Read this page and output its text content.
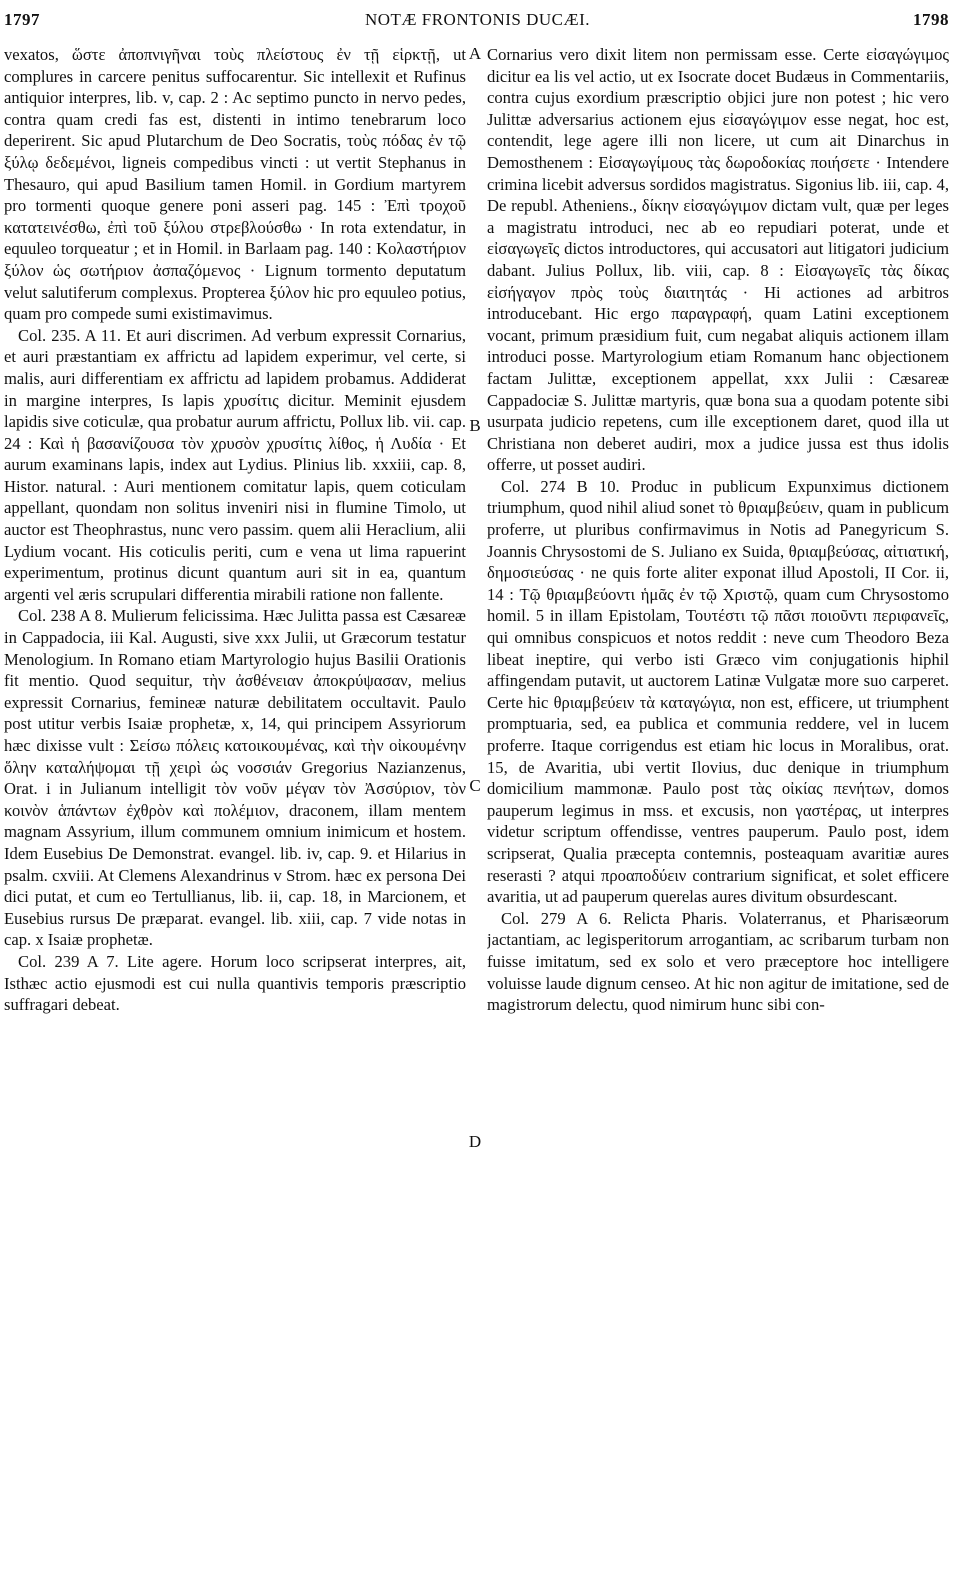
1797	NOTÆ FRONTONIS DUCÆI.	1798

vexatos, ὥστε ἀποπνιγῆναι τοὺς πλείστους ἐν τῇ εἱρκτῇ, ut complures in carcere penitus suffocarentur. Sic intellexit et Rufinus antiquior interpres, lib. v, cap. 2 : Ac septimo puncto in nervo pedes, contra quam credi fas est, distenti in intimo tenebrarum loco deperirent. Sic apud Plutarchum de Deo Socratis, τοὺς πόδας ἐν τῷ ξύλῳ δεδεμένοι, ligneis compedibus vincti : ut vertit Stephanus in Thesauro, qui apud Basilium tamen Homil. in Gordium martyrem pro tormenti quoque genere poni asseri pag. 145 : Ἐπὶ τροχοῦ κατατεινέσθω, ἐπὶ τοῦ ξύλου στρεβλούσθω · In rota extendatur, in equuleo torqueatur ; et in Homil. in Barlaam pag. 140 : Κολαστήριον ξύλον ὡς σωτήριον ἀσπαζόμενος · Lignum tormento deputatum velut salutiferum complexus. Propterea ξύλον hic pro equuleo potius, quam pro compede sumi existimavimus.

Col. 235. A 11. Et auri discrimen. Ad verbum expressit Cornarius, et auri præstantiam ex affrictu ad lapidem experimur, vel certe, si malis, auri differentiam ex affrictu ad lapidem probamus. Addiderat in margine interpres, Is lapis χρυσίτις dicitur. Meminit ejusdem lapidis sive coticulæ, qua probatur aurum affrictu, Pollux lib. vii. cap. 24 : Καὶ ἡ βασανίζουσα τὸν χρυσὸν χρυσίτις λίθος, ἡ Λυδία · Et aurum examinans lapis, index aut Lydius. Plinius lib. xxxiii, cap. 8, Histor. natural. : Auri mentionem comitatur lapis, quem coticulam appellant, quondam non solitus inveniri nisi in flumine Timolo, ut auctor est Theophrastus, nunc vero passim. quem alii Heraclium, alii Lydium vocant. His coticulis periti, cum e vena ut lima rapuerint experimentum, protinus dicunt quantum auri sit in ea, quantum argenti vel æris scrupulari differentia mirabili ratione non fallente.

Col. 238 A 8. Mulierum felicissima. Hæc Julitta passa est Cæsareæ in Cappadocia, iii Kal. Augusti, sive xxx Julii, ut Græcorum testatur Menologium. In Romano etiam Martyrologio hujus Basilii Orationis fit mentio. Quod sequitur, τὴν ἀσθένειαν ἀποκρύψασαν, melius expressit Cornarius, femineæ naturæ debilitatem occultavit. Paulo post utitur verbis Isaiæ prophetæ, x, 14, qui principem Assyriorum hæc dixisse vult : Σείσω πόλεις κατοικουμένας, καὶ τὴν οἰκουμένην ὅλην καταλήψομαι τῇ χειρὶ ὡς νοσσιάν Gregorius Nazianzenus, Orat. i in Julianum intelligit τὸν νοῦν μέγαν τὸν Ἀσσύριον, τὸν κοινὸν ἁπάντων ἐχθρὸν καὶ πολέμιον, draconem, illam mentem magnam Assyrium, illum communem omnium inimicum et hostem. Idem Eusebius De Demonstrat. evangel. lib. iv, cap. 9. et Hilarius in psalm. cxviii. At Clemens Alexandrinus v Strom. hæc ex persona Dei dici putat, et cum eo Tertullianus, lib. ii, cap. 18, in Marcionem, et Eusebius rursus De præparat. evangel. lib. xiii, cap. 7 vide notas in cap. x Isaiæ prophetæ.

Col. 239 A 7. Lite agere. Horum loco scripserat interpres, ait, Isthæc actio ejusmodi est cui nulla quantivis temporis præscriptio suffragari debeat.

A
B
C
D

Cornarius vero dixit litem non permissam esse. Certe εἰσαγώγιμος dicitur ea lis vel actio, ut ex Isocrate docet Budæus in Commentariis, contra cujus exordium præscriptio objici jure non potest ; hic vero Julittæ adversarius actionem ejus εἰσαγώγιμον esse negat, hoc est, contendit, lege agere illi non licere, ut cum ait Dinarchus in Demosthenem : Εἰσαγωγίμους τὰς δωροδοκίας ποιήσετε · Intendere crimina licebit adversus sordidos magistratus. Sigonius lib. iii, cap. 4, De republ. Atheniens., δίκην εἰσαγώγιμον dictam vult, quæ per leges a magistratu introduci, nec ab eo repudiari poterat, unde et εἰσαγωγεῖς dictos introductores, qui accusatori aut litigatori judicium dabant. Julius Pollux, lib. viii, cap. 8 : Εἰσαγωγεῖς τὰς δίκας εἰσήγαγον πρὸς τοὺς διαιτητάς · Hi actiones ad arbitros introducebant. Hic ergo παραγραφή, quam Latini exceptionem vocant, primum præsidium fuit, cum negabat aliquis actionem illam introduci posse. Martyrologium etiam Romanum hanc objectionem factam Julittæ, exceptionem appellat, xxx Julii : Cæsareæ Cappadociæ S. Julittæ martyris, quæ bona sua a quodam potente sibi usurpata judicio repetens, cum ille exceptionem daret, quod illa ut Christiana non deberet audiri, mox a judice jussa est thus idolis offerre, ut posset audiri.

Col. 274 B 10. Produc in publicum Expunximus dictionem triumphum, quod nihil aliud sonet τὸ θριαμβεύειν, quam in publicum proferre, ut pluribus confirmavimus in Notis ad Panegyricum S. Joannis Chrysostomi de S. Juliano ex Suida, θριαμβεύσας, αἰτιατική, δημοσιεύσας · ne quis forte aliter exponat illud Apostoli, II Cor. ii, 14 : Τῷ θριαμβεύοντι ἡμᾶς ἐν τῷ Χριστῷ, quam cum Chrysostomo homil. 5 in illam Epistolam, Τουτέστι τῷ πᾶσι ποιοῦντι περιφανεῖς, qui omnibus conspicuos et notos reddit : neve cum Theodoro Beza libeat ineptire, qui verbo isti Græco vim conjugationis hiphil affingendam putavit, ut auctorem Latinæ Vulgatæ more suo carperet. Certe hic θριαμβεύειν τὰ καταγώγια, non est, efficere, ut triumphent promptuaria, sed, ea publica et communia reddere, vel in lucem proferre. Itaque corrigendus est etiam hic locus in Moralibus, orat. 15, de Avaritia, ubi vertit Ilovius, duc denique in triumphum domicilium mammonæ. Paulo post τὰς οἰκίας πενήτων, domos pauperum legimus in mss. et excusis, non γαστέρας, ut interpres videtur scriptum offendisse, ventres pauperum. Paulo post, idem scripserat, Qualia præcepta contemnis, posteaquam avaritiæ aures reserasti ? atqui προαποδύειν contrarium significat, et solet efficere avaritia, ut ad pauperum querelas aures divitum obsurdescant.

Col. 279 A 6. Relicta Pharis. Volaterranus, et Pharisæorum jactantiam, ac legisperitorum arrogantiam, ac scribarum turbam non fuisse imitatum, sed ex solo et vero præceptore hoc intelligere voluisse laude dignum censeo. At hic non agitur de imitatione, sed de magistrorum delectu, quod nimirum hunc sibi con-
